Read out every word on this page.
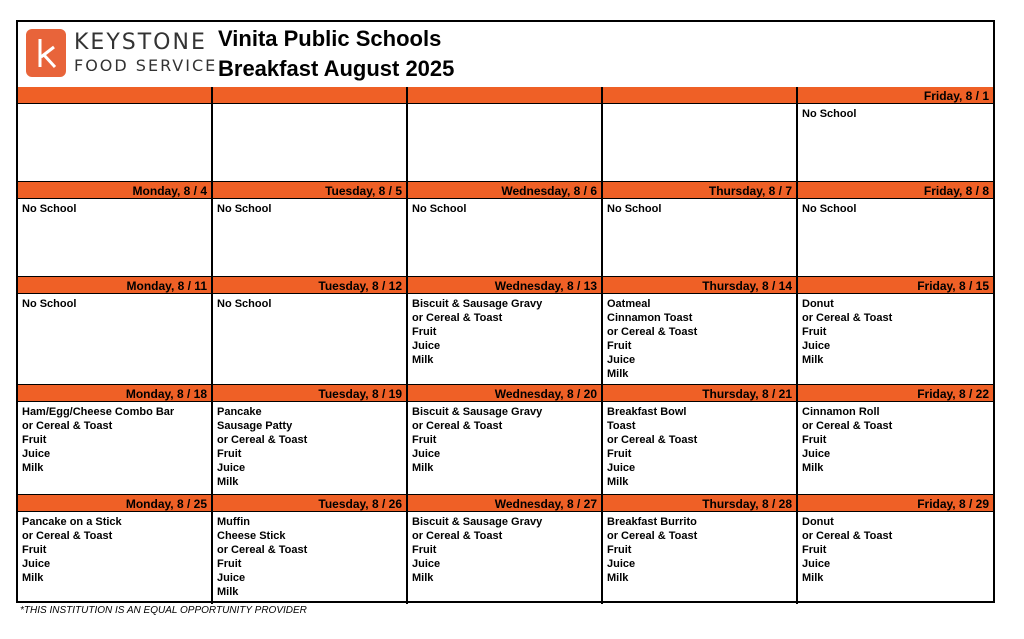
KEYSTONE
FOOD SERVICE
Vinita Public Schools
Breakfast August 2025
Friday, 8 / 1
No School
Monday, 8 / 4
No School
Tuesday, 8 / 5
No School
Wednesday, 8 / 6
No School
Thursday, 8 / 7
No School
Friday, 8 / 8
No School
Monday, 8 / 11
No School
Tuesday, 8 / 12
No School
Wednesday, 8 / 13
Biscuit & Sausage Gravy
or Cereal & Toast
Fruit
Juice
Milk
Thursday, 8 / 14
Oatmeal
Cinnamon Toast
or Cereal & Toast
Fruit
Juice
Milk
Friday, 8 / 15
Donut
or Cereal & Toast
Fruit
Juice
Milk
Monday, 8 / 18
Ham/Egg/Cheese Combo Bar
or Cereal & Toast
Fruit
Juice
Milk
Tuesday, 8 / 19
Pancake
Sausage Patty
or Cereal & Toast
Fruit
Juice
Milk
Wednesday, 8 / 20
Biscuit & Sausage Gravy
or Cereal & Toast
Fruit
Juice
Milk
Thursday, 8 / 21
Breakfast Bowl
Toast
or Cereal & Toast
Fruit
Juice
Milk
Friday, 8 / 22
Cinnamon Roll
or Cereal & Toast
Fruit
Juice
Milk
Monday, 8 / 25
Pancake on a Stick
or Cereal & Toast
Fruit
Juice
Milk
Tuesday, 8 / 26
Muffin
Cheese Stick
or Cereal & Toast
Fruit
Juice
Milk
Wednesday, 8 / 27
Biscuit & Sausage Gravy
or Cereal & Toast
Fruit
Juice
Milk
Thursday, 8 / 28
Breakfast Burrito
or Cereal & Toast
Fruit
Juice
Milk
Friday, 8 / 29
Donut
or Cereal & Toast
Fruit
Juice
Milk
*THIS INSTITUTION IS AN EQUAL OPPORTUNITY PROVIDER
